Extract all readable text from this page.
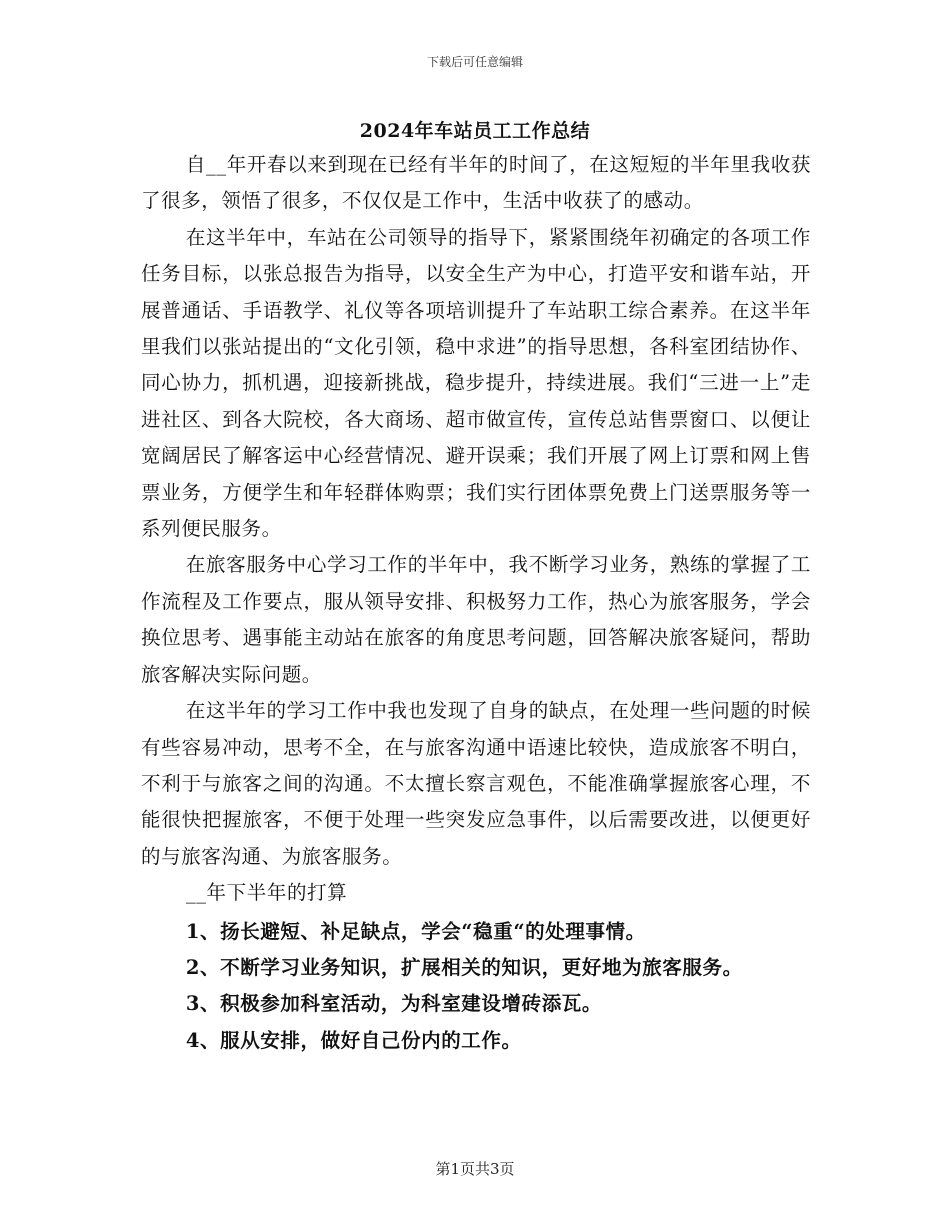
下载后可任意编辑
2024年车站员工工作总结

自__年开春以来到现在已经有半年的时间了，在这短短的半年里我收获了很多，领悟了很多，不仅仅是工作中，生活中收获了的感动。

在这半年中，车站在公司领导的指导下，紧紧围绕年初确定的各项工作任务目标，以张总报告为指导，以安全生产为中心，打造平安和谐车站，开展普通话、手语教学、礼仪等各项培训提升了车站职工综合素养。在这半年里我们以张站提出的“文化引领，稳中求进”的指导思想，各科室团结协作、同心协力，抓机遇，迎接新挑战，稳步提升，持续进展。我们“三进一上”走进社区、到各大院校，各大商场、超市做宣传，宣传总站售票窗口、以便让宽阔居民了解客运中心经营情况、避开误乘；我们开展了网上订票和网上售票业务，方便学生和年轻群体购票；我们实行团体票免费上门送票服务等一系列便民服务。

在旅客服务中心学习工作的半年中，我不断学习业务，熟练的掌握了工作流程及工作要点，服从领导安排、积极努力工作，热心为旅客服务，学会换位思考、遇事能主动站在旅客的角度思考问题，回答解决旅客疑问，帮助旅客解决实际问题。

在这半年的学习工作中我也发现了自身的缺点，在处理一些问题的时候有些容易冲动，思考不全，在与旅客沟通中语速比较快，造成旅客不明白，不利于与旅客之间的沟通。不太擅长察言观色，不能准确掌握旅客心理，不能很快把握旅客，不便于处理一些突发应急事件，以后需要改进，以便更好的与旅客沟通、为旅客服务。

__年下半年的打算

1、扬长避短、补足缺点，学会“稳重“的处理事情。
2、不断学习业务知识，扩展相关的知识，更好地为旅客服务。
3、积极参加科室活动，为科室建设增砖添瓦。
4、服从安排，做好自己份内的工作。
第1页共3页
